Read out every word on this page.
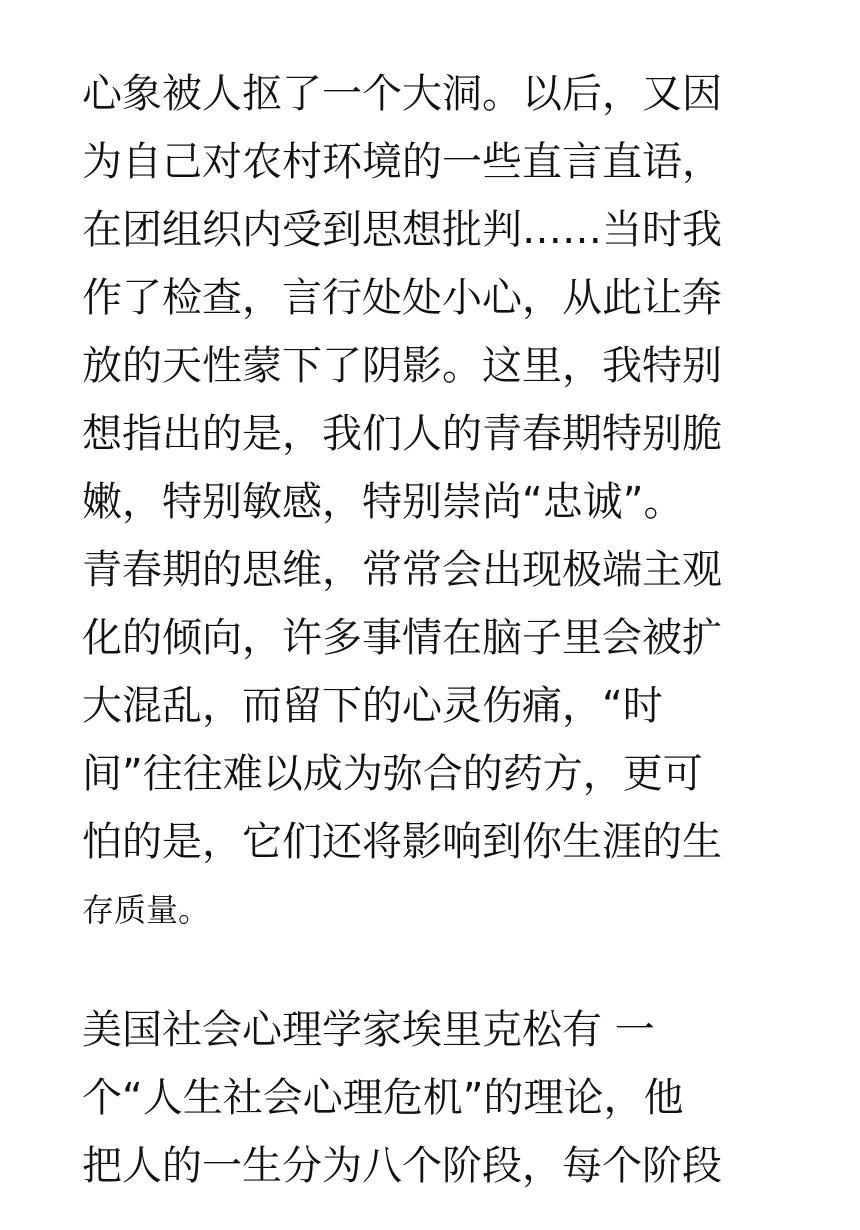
心象被人抠了一个大洞。以后，又因
为自己对农村环境的一些直言直语，
在团组织内受到思想批判……当时我
作了检查，言行处处小心，从此让奔
放的天性蒙下了阴影。这里，我特别
想指出的是，我们人的青春期特别脆
嫩，特别敏感，特别崇尚“忠诚”。
青春期的思维，常常会出现极端主观
化的倾向，许多事情在脑子里会被扩
大混乱，而留下的心灵伤痛，“时
间”往往难以成为弥合的药方，更可
怕的是，它们还将影响到你生涯的生
存质量。
美国社会心理学家埃里克松有 一
个“人生社会心理危机”的理论，他
把人的一生分为八个阶段，每个阶段
